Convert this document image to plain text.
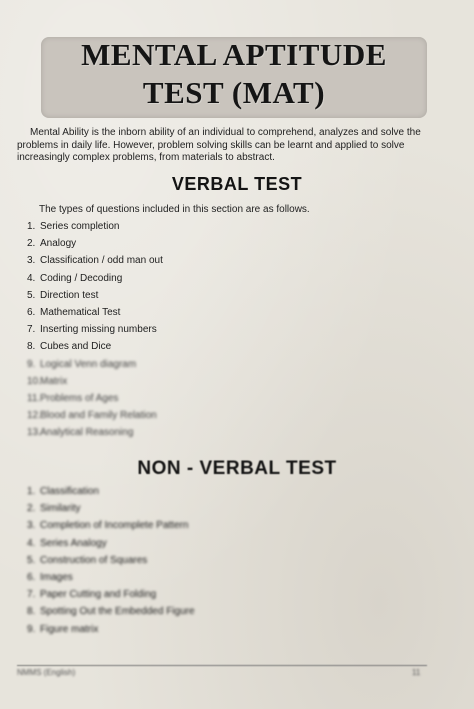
MENTAL APTITUDE
TEST (MAT)
Mental Ability is the inborn ability of an individual to comprehend, analyzes and solve the problems in daily life. However, problem solving skills can be learnt and applied to solve increasingly complex problems, from materials to abstract.
VERBAL TEST
The types of questions included in this section are as follows.
1. Series completion
2. Analogy
3. Classification / odd man out
4. Coding / Decoding
5. Direction test
6. Mathematical Test
7. Inserting missing numbers
8. Cubes and Dice
9. Logical Venn diagram
10.Matrix
11.Problems of Ages
12.Blood and Family Relation
13.Analytical Reasoning
NON - VERBAL TEST
1. Classification
2. Similarity
3. Completion of Incomplete Pattern
4. Series Analogy
5. Construction of Squares
6. Images
7. Paper Cutting and Folding
8. Spotting Out the Embedded Figure
9. Figure matrix
NMMS (English)	11
